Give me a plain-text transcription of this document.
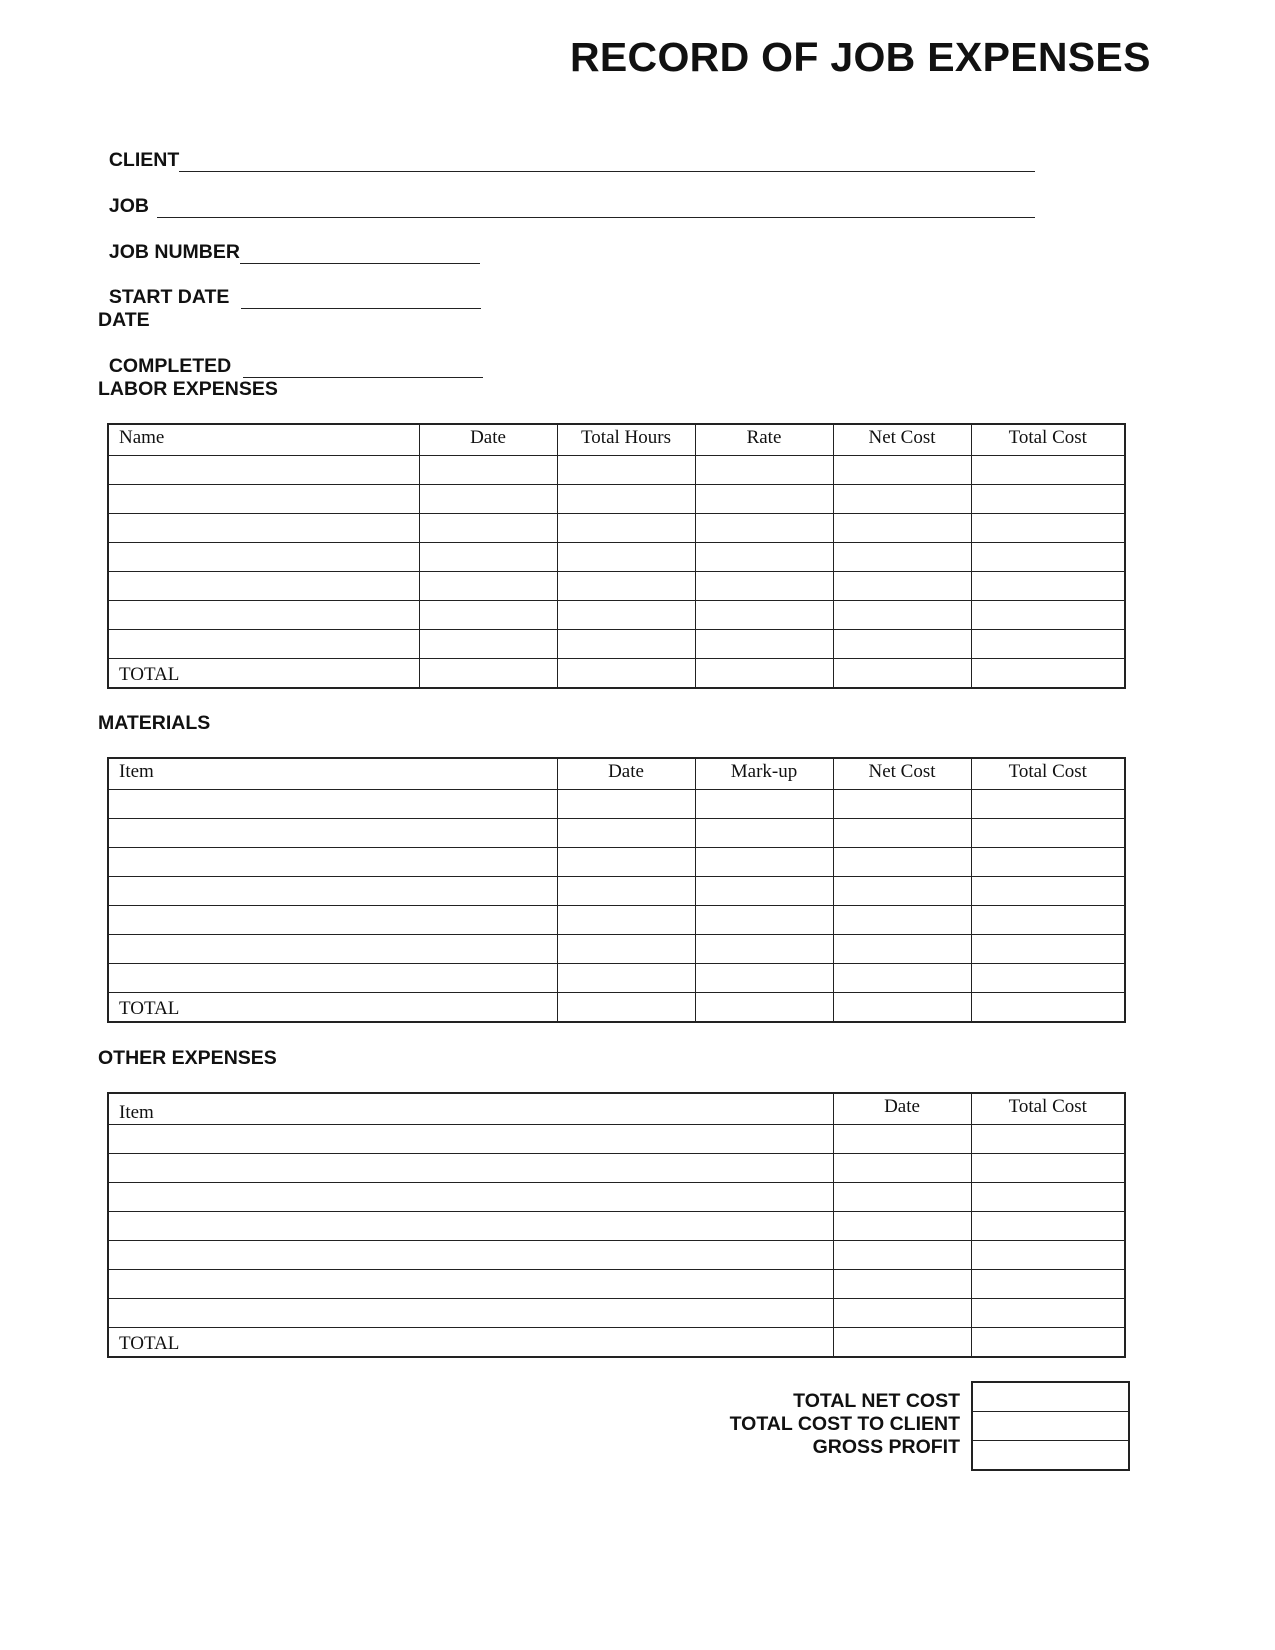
RECORD OF JOB EXPENSES

CLIENT

JOB

JOB NUMBER

START DATE

DATE

COMPLETED

LABOR EXPENSES
Name	Date	Total Hours	Rate	Net Cost	Total Cost

TOTAL					
MATERIALS
Item	Date	Mark-up	Net Cost	Total Cost

TOTAL				
OTHER EXPENSES
Item	Date	Total Cost

TOTAL		
TOTAL NET COST
TOTAL COST TO CLIENT
GROSS PROFIT
